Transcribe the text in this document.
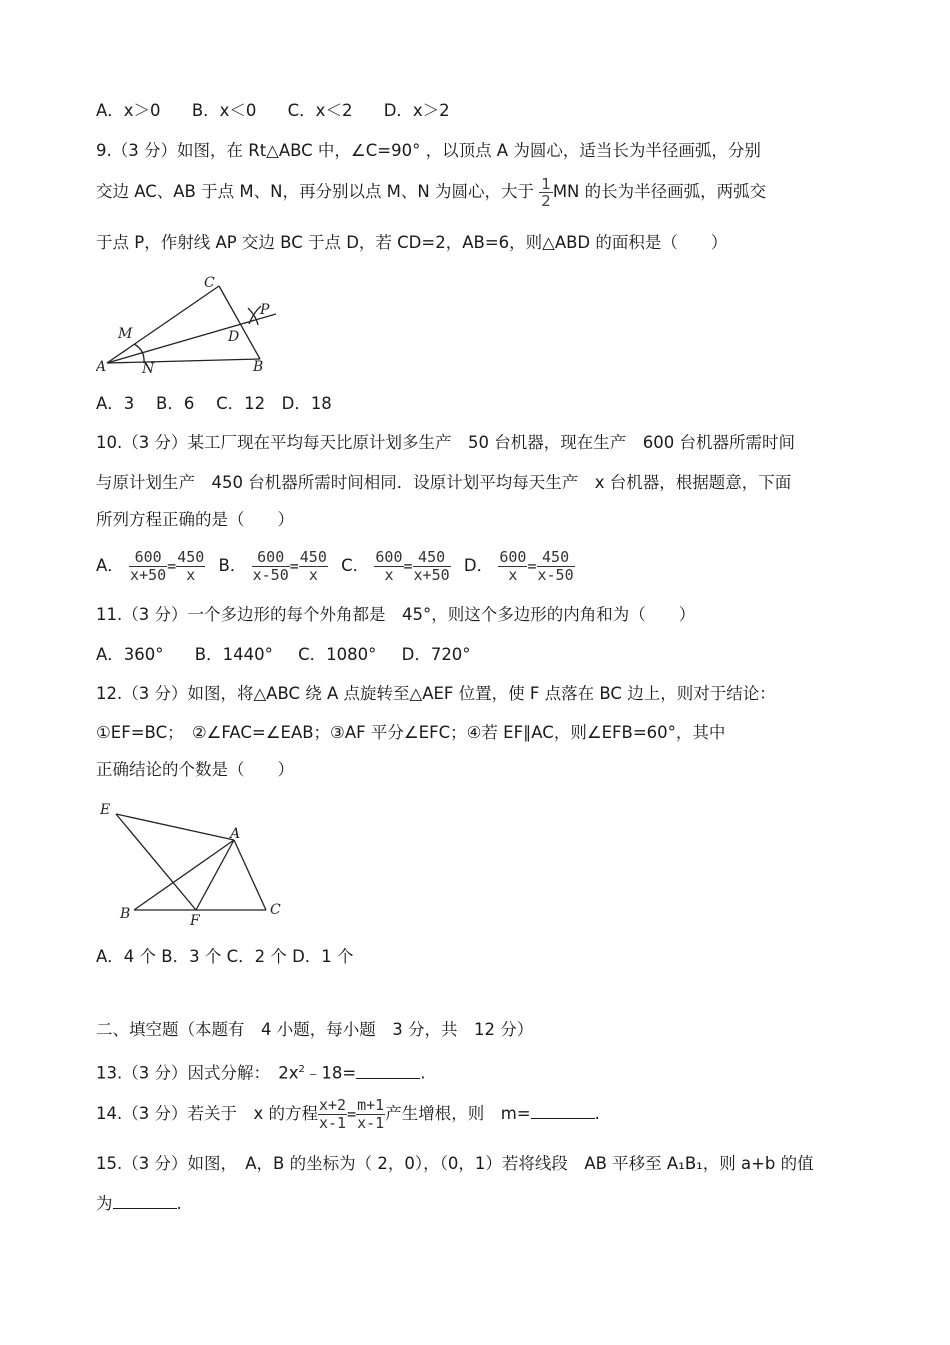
A．x＞0 B．x＜0 C．x＜2 D．x＞2
9.（3 分）如图，在 Rt△ABC 中，∠C=90° ，以顶点 A 为圆心，适当长为半径画弧，分别
交边 AC、AB 于点 M、N，再分别以点 M、N 为圆心，大于 $\frac{1}{2}$ MN 的长为半径画弧，两弧交
于点 P，作射线 AP 交边 BC 于点 D，若 CD=2，AB=6，则△ABD 的面积是（　　）
A	N	B
C
D
M
P
A．3　 B．6　 C．12　D．18
10.（3 分）某工厂现在平均每天比原计划多生产　50 台机器，现在生产　600 台机器所需时间
与原计划生产　450 台机器所需时间相同．设原计划平均每天生产　x 台机器，根据题意，下面
所列方程正确的是（　　）
A． $\frac{600}{x+50} = \frac{450}{x}$ B． $\frac{600}{x-50} = \frac{450}{x}$ C． $\frac{600}{x} = \frac{450}{x+50}$ D． $\frac{600}{x} = \frac{450}{x-50}$
11.（3 分）一个多边形的每个外角都是　45°，则这个多边形的内角和为（　　）
A．360° B．1440° C．1080° D．720°
12.（3 分）如图，将△ABC 绕 A 点旋转至△AEF 位置，使 F 点落在 BC 边上，则对于结论：
①EF=BC；　②∠FAC=∠EAB；③AF 平分∠EFC；④若 EF∥AC，则∠EFB=60°，其中
正确结论的个数是（　　）
E
A
B	F
C
A．4 个 B．3 个 C．2 个 D．1 个
二、填空题（本题有　4 小题，每小题　3 分，共　12 分）
13.（3 分）因式分解：　$2x^2﹣18=$	.
14.（3 分）若关于　x 的方程 $\frac{x+2}{x-1} = \frac{m+1}{x-1}$ 产生增根，则　m=	.
15.（3 分）如图，　A，B 的坐标为（ 2，0），（0，1）若将线段　AB 平移至 A₁B₁，则 a+b 的值
为	.
